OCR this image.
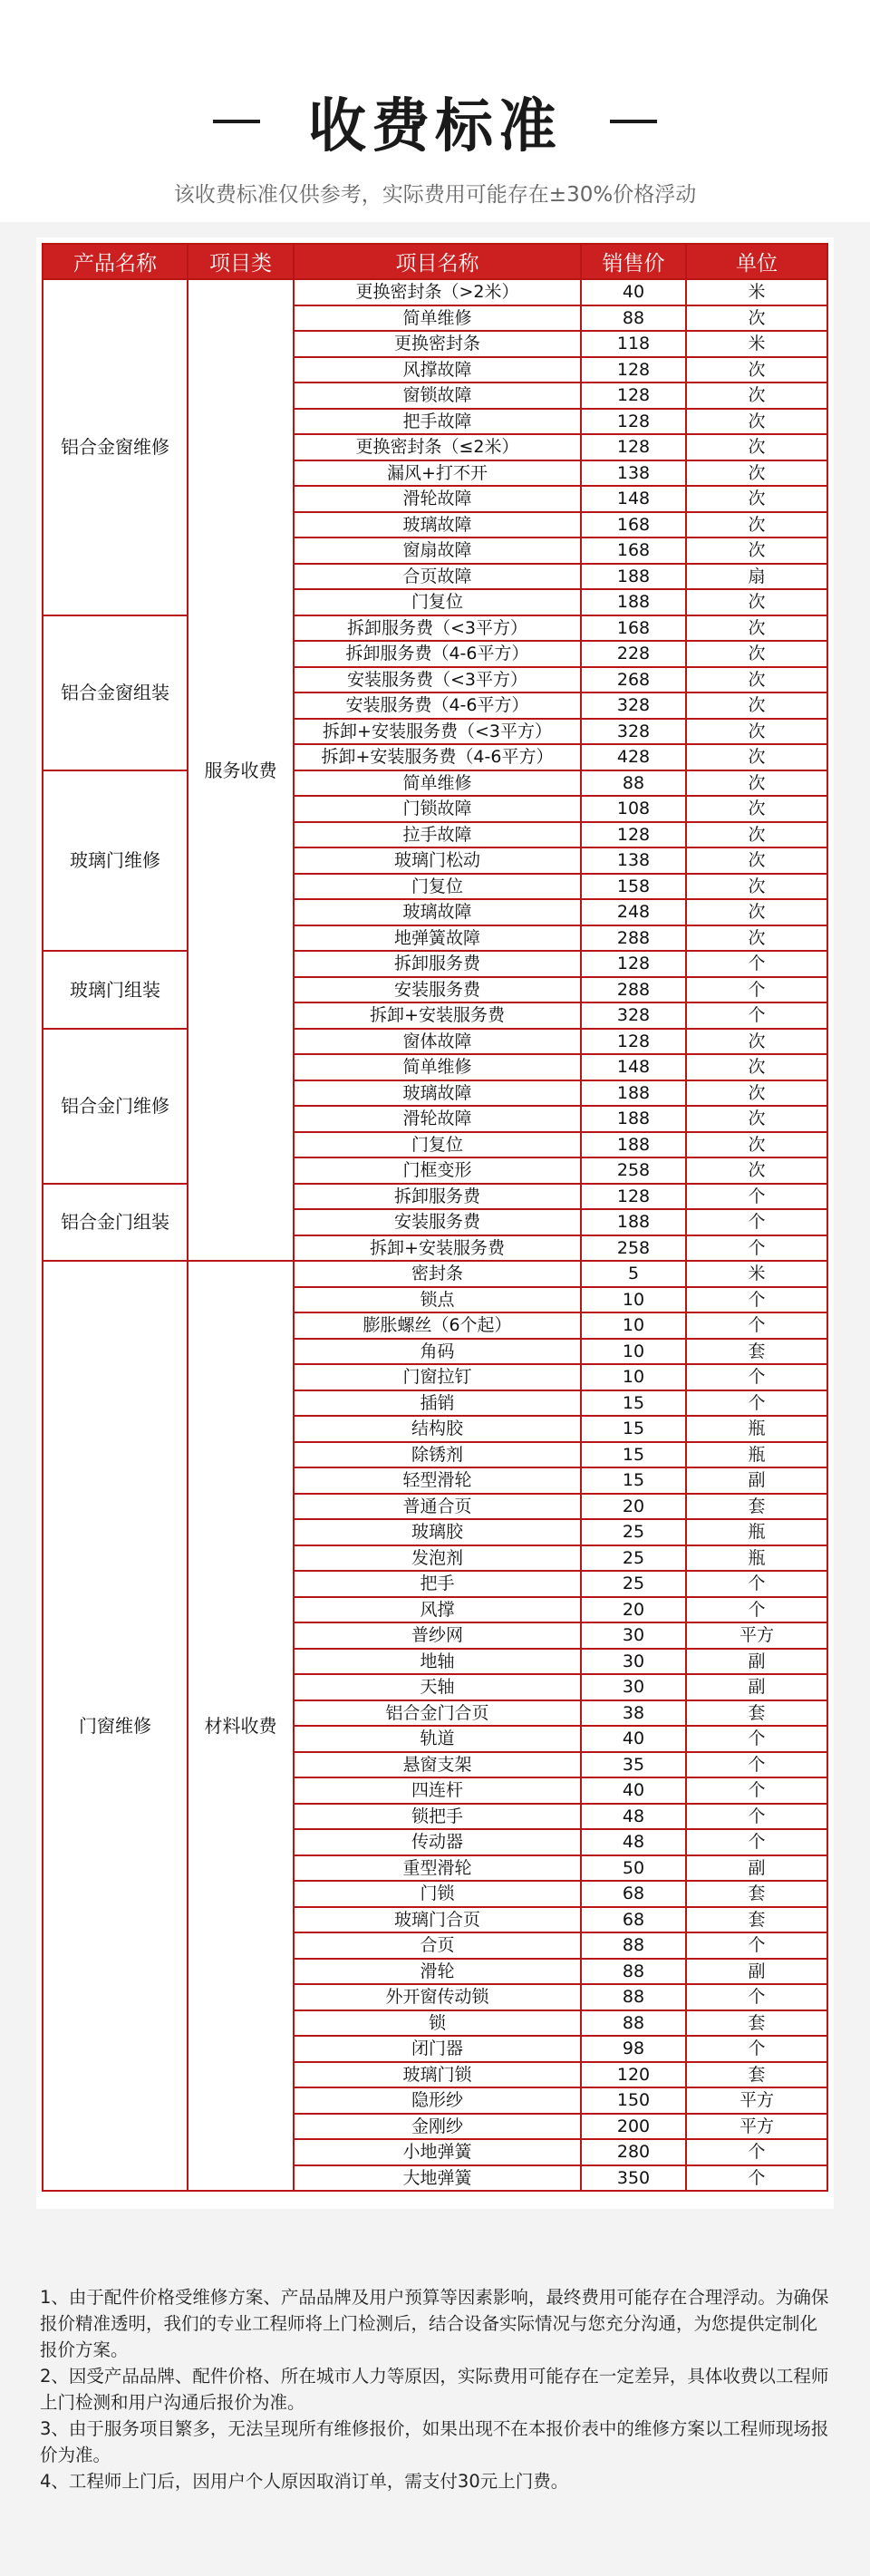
收费标准
该收费标准仅供参考，实际费用可能存在±30%价格浮动
产品名称	项目类	项目名称	销售价	单位
铝合金窗维修	服务收费	更换密封条（>2米）	40	米
		简单维修	88	次
		更换密封条	118	米
		风撑故障	128	次
		窗锁故障	128	次
		把手故障	128	次
		更换密封条（≤2米）	128	次
		漏风+打不开	138	次
		滑轮故障	148	次
		玻璃故障	168	次
		窗扇故障	168	次
		合页故障	188	扇
		门复位	188	次
铝合金窗组装		拆卸服务费（<3平方）	168	次
		拆卸服务费（4-6平方）	228	次
		安装服务费（<3平方）	268	次
		安装服务费（4-6平方）	328	次
		拆卸+安装服务费（<3平方）	328	次
		拆卸+安装服务费（4-6平方）	428	次
玻璃门维修		简单维修	88	次
		门锁故障	108	次
		拉手故障	128	次
		玻璃门松动	138	次
		门复位	158	次
		玻璃故障	248	次
		地弹簧故障	288	次
玻璃门组装		拆卸服务费	128	个
		安装服务费	288	个
		拆卸+安装服务费	328	个
铝合金门维修		窗体故障	128	次
		简单维修	148	次
		玻璃故障	188	次
		滑轮故障	188	次
		门复位	188	次
		门框变形	258	次
铝合金门组装		拆卸服务费	128	个
		安装服务费	188	个
		拆卸+安装服务费	258	个
门窗维修	材料收费	密封条	5	米
		锁点	10	个
		膨胀螺丝（6个起）	10	个
		角码	10	套
		门窗拉钉	10	个
		插销	15	个
		结构胶	15	瓶
		除锈剂	15	瓶
		轻型滑轮	15	副
		普通合页	20	套
		玻璃胶	25	瓶
		发泡剂	25	瓶
		把手	25	个
		风撑	20	个
		普纱网	30	平方
		地轴	30	副
		天轴	30	副
		铝合金门合页	38	套
		轨道	40	个
		悬窗支架	35	个
		四连杆	40	个
		锁把手	48	个
		传动器	48	个
		重型滑轮	50	副
		门锁	68	套
		玻璃门合页	68	套
		合页	88	个
		滑轮	88	副
		外开窗传动锁	88	个
		锁	88	套
		闭门器	98	个
		玻璃门锁	120	套
		隐形纱	150	平方
		金刚纱	200	平方
		小地弹簧	280	个
		大地弹簧	350	个

1、由于配件价格受维修方案、产品品牌及用户预算等因素影响，最终费用可能存在合理浮动。为确保报价精准透明，我们的专业工程师将上门检测后，结合设备实际情况与您充分沟通，为您提供定制化报价方案。

2、因受产品品牌、配件价格、所在城市人力等原因，实际费用可能存在一定差异，具体收费以工程师上门检测和用户沟通后报价为准。

3、由于服务项目繁多，无法呈现所有维修报价，如果出现不在本报价表中的维修方案以工程师现场报价为准。

4、工程师上门后，因用户个人原因取消订单，需支付30元上门费。
